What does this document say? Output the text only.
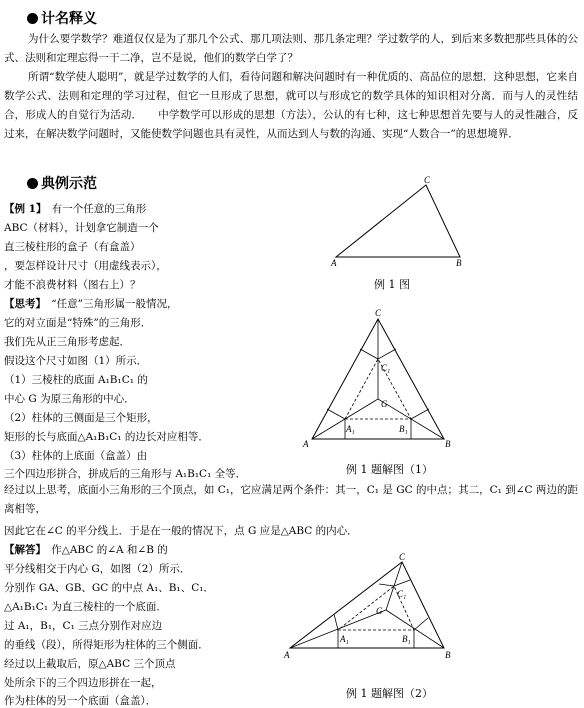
计名释义
为什么要学数学？难道仅仅是为了那几个公式、那几项法则、那几条定理？学过数学的人，到后来多数把那些具体的公式、法则和定理忘得一干二净，岂不是说，他们的数学白学了？
所谓“数学使人聪明”，就是学过数学的人们，看待问题和解决问题时有一种优质的、高品位的思想．这种思想，它来自数学公式、法则和定理的学习过程，但它一旦形成了思想，就可以与形成它的数学具体的知识相对分离．而与人的灵性结合，形成人的自觉行为活动．　　中学数学可以形成的思想（方法），公认的有七种，这七种思想首先要与人的灵性融合，反过来，在解决数学问题时，又能使数学问题也具有灵性，从而达到人与数的沟通、实现“人数合一”的思想境界．
典例示范
【例 1】　有一个任意的三角形
ABC（材料），计划拿它制造一个
直三棱柱形的盒子（有盒盖）
，要怎样设计尺寸（用虚线表示），
才能不浪费材料（图右上）？
【思考】　“任意”三角形属一般情况，
它的对立面是“特殊”的三角形．
我们先从正三角形考虑起．
假设这个尺寸如图（1）所示．
（1）三棱柱的底面 A₁B₁C₁ 的
中心 G 为原三角形的中心．
（2）柱体的三侧面是三个矩形，
矩形的长与底面△A₁B₁C₁ 的边长对应相等．
（3）柱体的上底面（盒盖）由
三个四边形拼合，拼成后的三角形与 A₁B₁C₁ 全等．
经过以上思考，底面小三角形的三个顶点，如 C₁，它应满足两个条件：其一，C₁ 是 GC 的中点；其二，C₁ 到∠C 两边的距离相等，
因此它在∠C 的平分线上．于是在一般的情况下，点 G 应是△ABC 的内心．
【解答】　作△ABC 的∠A 和∠B 的
平分线相交于内心 G，如图（2）所示．
分别作 GA、GB、GC 的中点 A₁、B₁、C₁．
△A₁B₁C₁ 为直三棱柱的一个底面．
过 A₁，B₁，C₁ 三点分别作对应边
的垂线（段），所得矩形为柱体的三个侧面．
经过以上截取后，原△ABC 三个顶点
处所余下的三个四边形拼在一起，
作为柱体的另一个底面（盒盖）．
A	B
C
例 1 图
A	B
C
G
A₁	B₁
C₁
例 1 题解图（1）
A	B
C
G
A₁	B₁
C₁
例 1 题解图（2）
